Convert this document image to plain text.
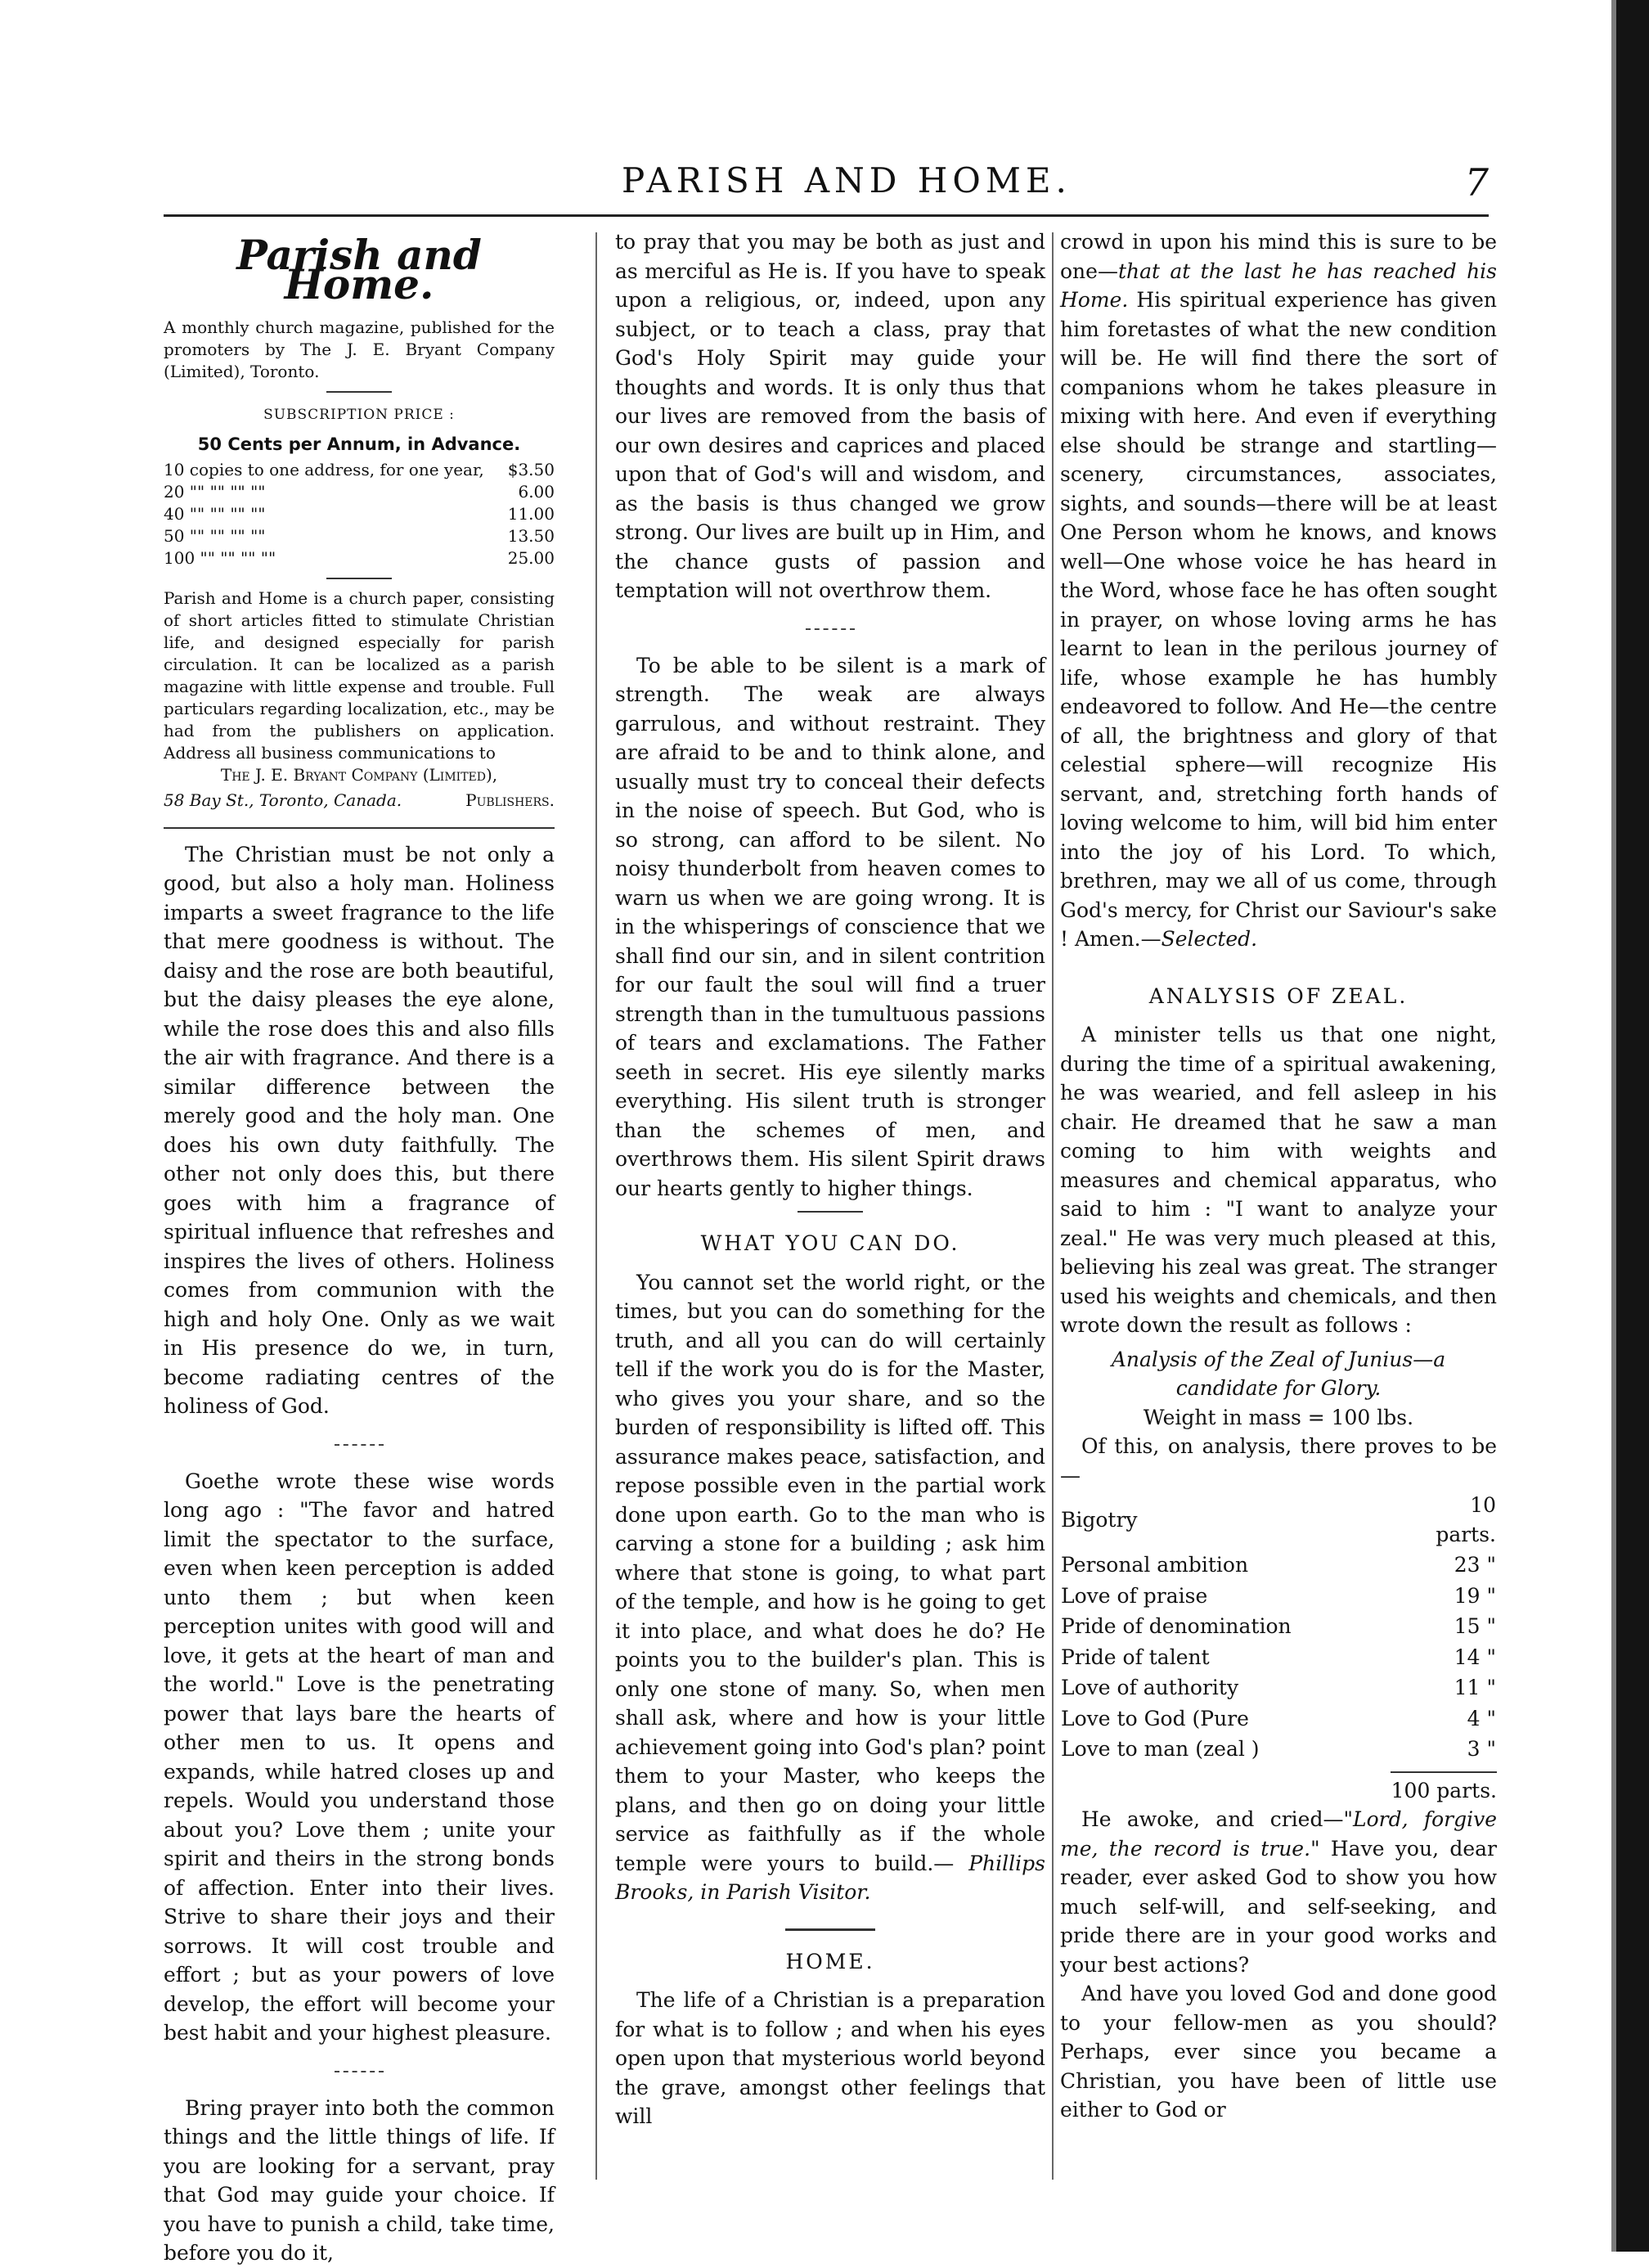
PARISH AND HOME.	7
Parish and Home.

A monthly church magazine, published for the promoters by The J. E. Bryant Company (Limited), Toronto.

SUBSCRIPTION PRICE :

50 Cents per Annum, in Advance.

10 copies to one address, for one year,	$3.50
20 "" "" "" ""	6.00
40 "" "" "" ""	11.00
50 "" "" "" ""	13.50
100 "" "" "" ""	25.00

Parish and Home is a church paper, consisting of short articles fitted to stimulate Christian life, and designed especially for parish circulation. It can be localized as a parish magazine with little expense and trouble. Full particulars regarding localization, etc., may be had from the publishers on application. Address all business communications to

The J. E. Bryant Company (Limited),

58 Bay St., Toronto, Canada.	Publishers.

The Christian must be not only a good, but also a holy man. Holiness imparts a sweet fragrance to the life that mere goodness is without. The daisy and the rose are both beautiful, but the daisy pleases the eye alone, while the rose does this and also fills the air with fragrance. And there is a similar difference between the merely good and the holy man. One does his own duty faithfully. The other not only does this, but there goes with him a fragrance of spiritual influence that refreshes and inspires the lives of others. Holiness comes from communion with the high and holy One. Only as we wait in His presence do we, in turn, become radiating centres of the holiness of God.

Goethe wrote these wise words long ago : "The favor and hatred limit the spectator to the surface, even when keen perception is added unto them ; but when keen perception unites with good will and love, it gets at the heart of man and the world." Love is the penetrating power that lays bare the hearts of other men to us. It opens and expands, while hatred closes up and repels. Would you understand those about you? Love them ; unite your spirit and theirs in the strong bonds of affection. Enter into their lives. Strive to share their joys and their sorrows. It will cost trouble and effort ; but as your powers of love develop, the effort will become your best habit and your highest pleasure.

Bring prayer into both the common things and the little things of life. If you are looking for a servant, pray that God may guide your choice. If you have to punish a child, take time, before you do it,

to pray that you may be both as just and as merciful as He is. If you have to speak upon a religious, or, indeed, upon any subject, or to teach a class, pray that God's Holy Spirit may guide your thoughts and words. It is only thus that our lives are removed from the basis of our own desires and caprices and placed upon that of God's will and wisdom, and as the basis is thus changed we grow strong. Our lives are built up in Him, and the chance gusts of passion and temptation will not overthrow them.

To be able to be silent is a mark of strength. The weak are always garrulous, and without restraint. They are afraid to be and to think alone, and usually must try to conceal their defects in the noise of speech. But God, who is so strong, can afford to be silent. No noisy thunderbolt from heaven comes to warn us when we are going wrong. It is in the whisperings of conscience that we shall find our sin, and in silent contrition for our fault the soul will find a truer strength than in the tumultuous passions of tears and exclamations. The Father seeth in secret. His eye silently marks everything. His silent truth is stronger than the schemes of men, and overthrows them. His silent Spirit draws our hearts gently to higher things.

WHAT YOU CAN DO.

You cannot set the world right, or the times, but you can do something for the truth, and all you can do will certainly tell if the work you do is for the Master, who gives you your share, and so the burden of responsibility is lifted off. This assurance makes peace, satisfaction, and repose possible even in the partial work done upon earth. Go to the man who is carving a stone for a building ; ask him where that stone is going, to what part of the temple, and how is he going to get it into place, and what does he do? He points you to the builder's plan. This is only one stone of many. So, when men shall ask, where and how is your little achievement going into God's plan? point them to your Master, who keeps the plans, and then go on doing your little service as faithfully as if the whole temple were yours to build.— Phillips Brooks, in Parish Visitor.

HOME.

The life of a Christian is a preparation for what is to follow ; and when his eyes open upon that mysterious world beyond the grave, amongst other feelings that will

crowd in upon his mind this is sure to be one—that at the last he has reached his Home. His spiritual experience has given him foretastes of what the new condition will be. He will find there the sort of companions whom he takes pleasure in mixing with here. And even if everything else should be strange and startling—scenery, circumstances, associates, sights, and sounds—there will be at least One Person whom he knows, and knows well—One whose voice he has heard in the Word, whose face he has often sought in prayer, on whose loving arms he has learnt to lean in the perilous journey of life, whose example he has humbly endeavored to follow. And He—the centre of all, the brightness and glory of that celestial sphere—will recognize His servant, and, stretching forth hands of loving welcome to him, will bid him enter into the joy of his Lord. To which, brethren, may we all of us come, through God's mercy, for Christ our Saviour's sake ! Amen.—Selected.

ANALYSIS OF ZEAL.

A minister tells us that one night, during the time of a spiritual awakening, he was wearied, and fell asleep in his chair. He dreamed that he saw a man coming to him with weights and measures and chemical apparatus, who said to him : "I want to analyze your zeal." He was very much pleased at this, believing his zeal was great. The stranger used his weights and chemicals, and then wrote down the result as follows :

Analysis of the Zeal of Junius—a candidate for Glory.

Weight in mass = 100 lbs.

Of this, on analysis, there proves to be—

Bigotry	10 parts.
Personal ambition	23 "
Love of praise	19 "
Pride of denomination	15 "
Pride of talent	14 "
Love of authority	11 "
Love to God (Pure	4 "
Love to man (zeal )	3 "

100 parts.

He awoke, and cried—"Lord, forgive me, the record is true." Have you, dear reader, ever asked God to show you how much self-will, and self-seeking, and pride there are in your good works and your best actions?

And have you loved God and done good to your fellow-men as you should? Perhaps, ever since you became a Christian, you have been of little use either to God or
